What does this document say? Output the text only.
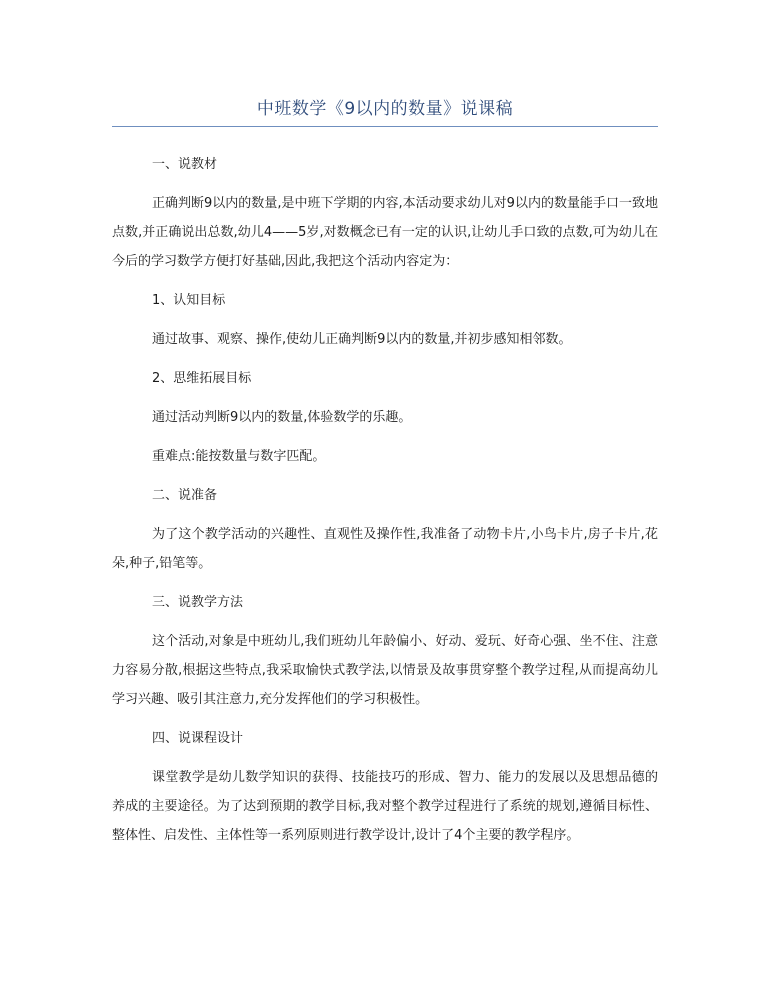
中班数学《9以内的数量》说课稿

一、说教材

正确判断9以内的数量,是中班下学期的内容,本活动要求幼儿对9以内的数量能手口一致地点数,并正确说出总数,幼儿4——5岁,对数概念已有一定的认识,让幼儿手口致的点数,可为幼儿在今后的学习数学方便打好基础,因此,我把这个活动内容定为：

1、认知目标

通过故事、观察、操作,使幼儿正确判断9以内的数量,并初步感知相邻数。

2、思维拓展目标

通过活动判断9以内的数量,体验数学的乐趣。

重难点:能按数量与数字匹配。

二、说准备

为了这个教学活动的兴趣性、直观性及操作性,我准备了动物卡片,小鸟卡片,房子卡片,花朵,种子,铅笔等。

三、说教学方法

这个活动,对象是中班幼儿,我们班幼儿年龄偏小、好动、爱玩、好奇心强、坐不住、注意力容易分散,根据这些特点,我采取愉快式教学法,以情景及故事贯穿整个教学过程,从而提高幼儿学习兴趣、吸引其注意力,充分发挥他们的学习积极性。

四、说课程设计

课堂教学是幼儿数学知识的获得、技能技巧的形成、智力、能力的发展以及思想品德的养成的主要途径。为了达到预期的教学目标,我对整个教学过程进行了系统的规划,遵循目标性、整体性、启发性、主体性等一系列原则进行教学设计,设计了4个主要的教学程序。
